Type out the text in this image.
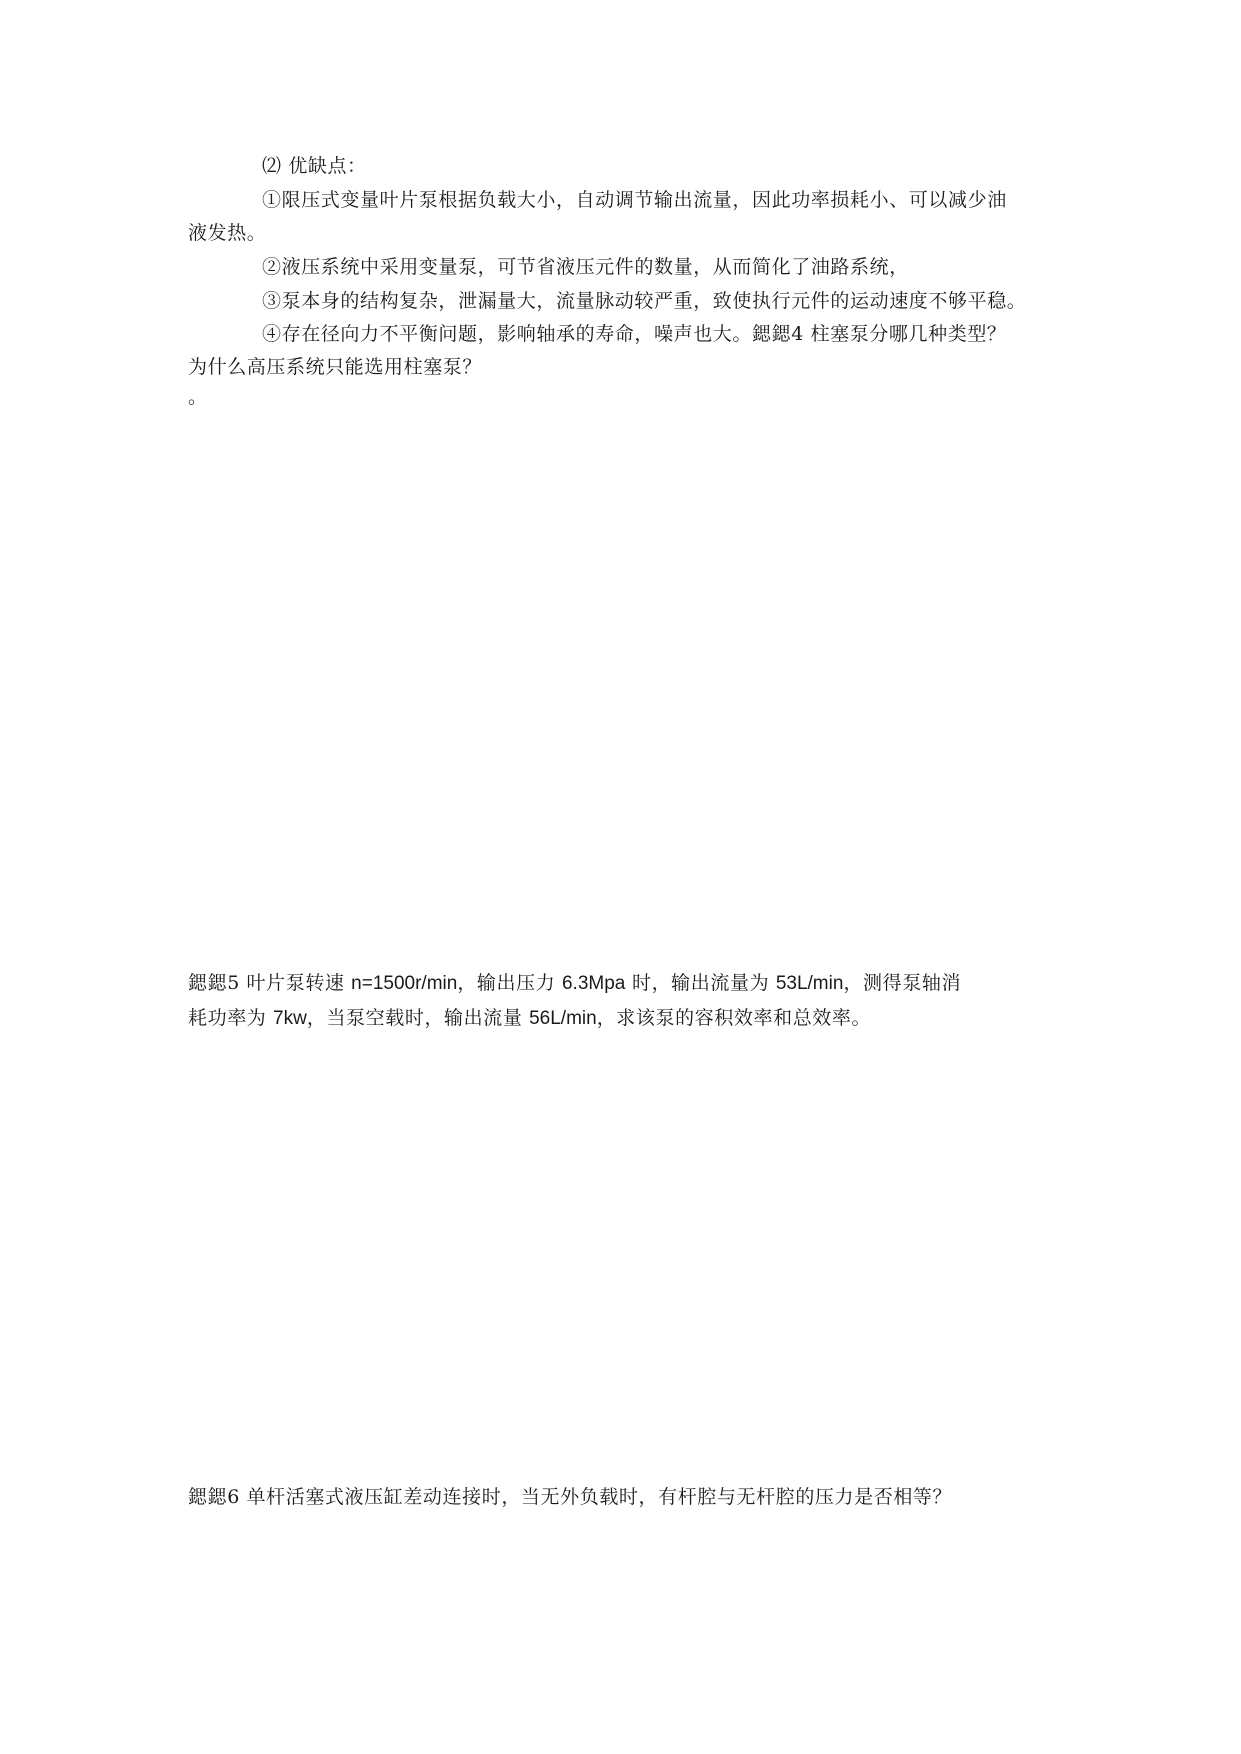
⑵ 优缺点：
①限压式变量叶片泵根据负载大小，自动调节输出流量，因此功率损耗小、可以减少油
液发热。
②液压系统中采用变量泵，可节省液压元件的数量，从而简化了油路系统，
③泵本身的结构复杂，泄漏量大，流量脉动较严重，致使执行元件的运动速度不够平稳。
④存在径向力不平衡问题，影响轴承的寿命，噪声也大。鍶鍶4 柱塞泵分哪几种类型？
为什么高压系统只能选用柱塞泵？
。
鍶鍶5 叶片泵转速 n=1500r/min，输出压力 6.3Mpa 时，输出流量为 53L/min，测得泵轴消
耗功率为 7kw，当泵空载时，输出流量 56L/min，求该泵的容积效率和总效率。
鍶鍶6 单杆活塞式液压缸差动连接时，当无外负载时，有杆腔与无杆腔的压力是否相等？
